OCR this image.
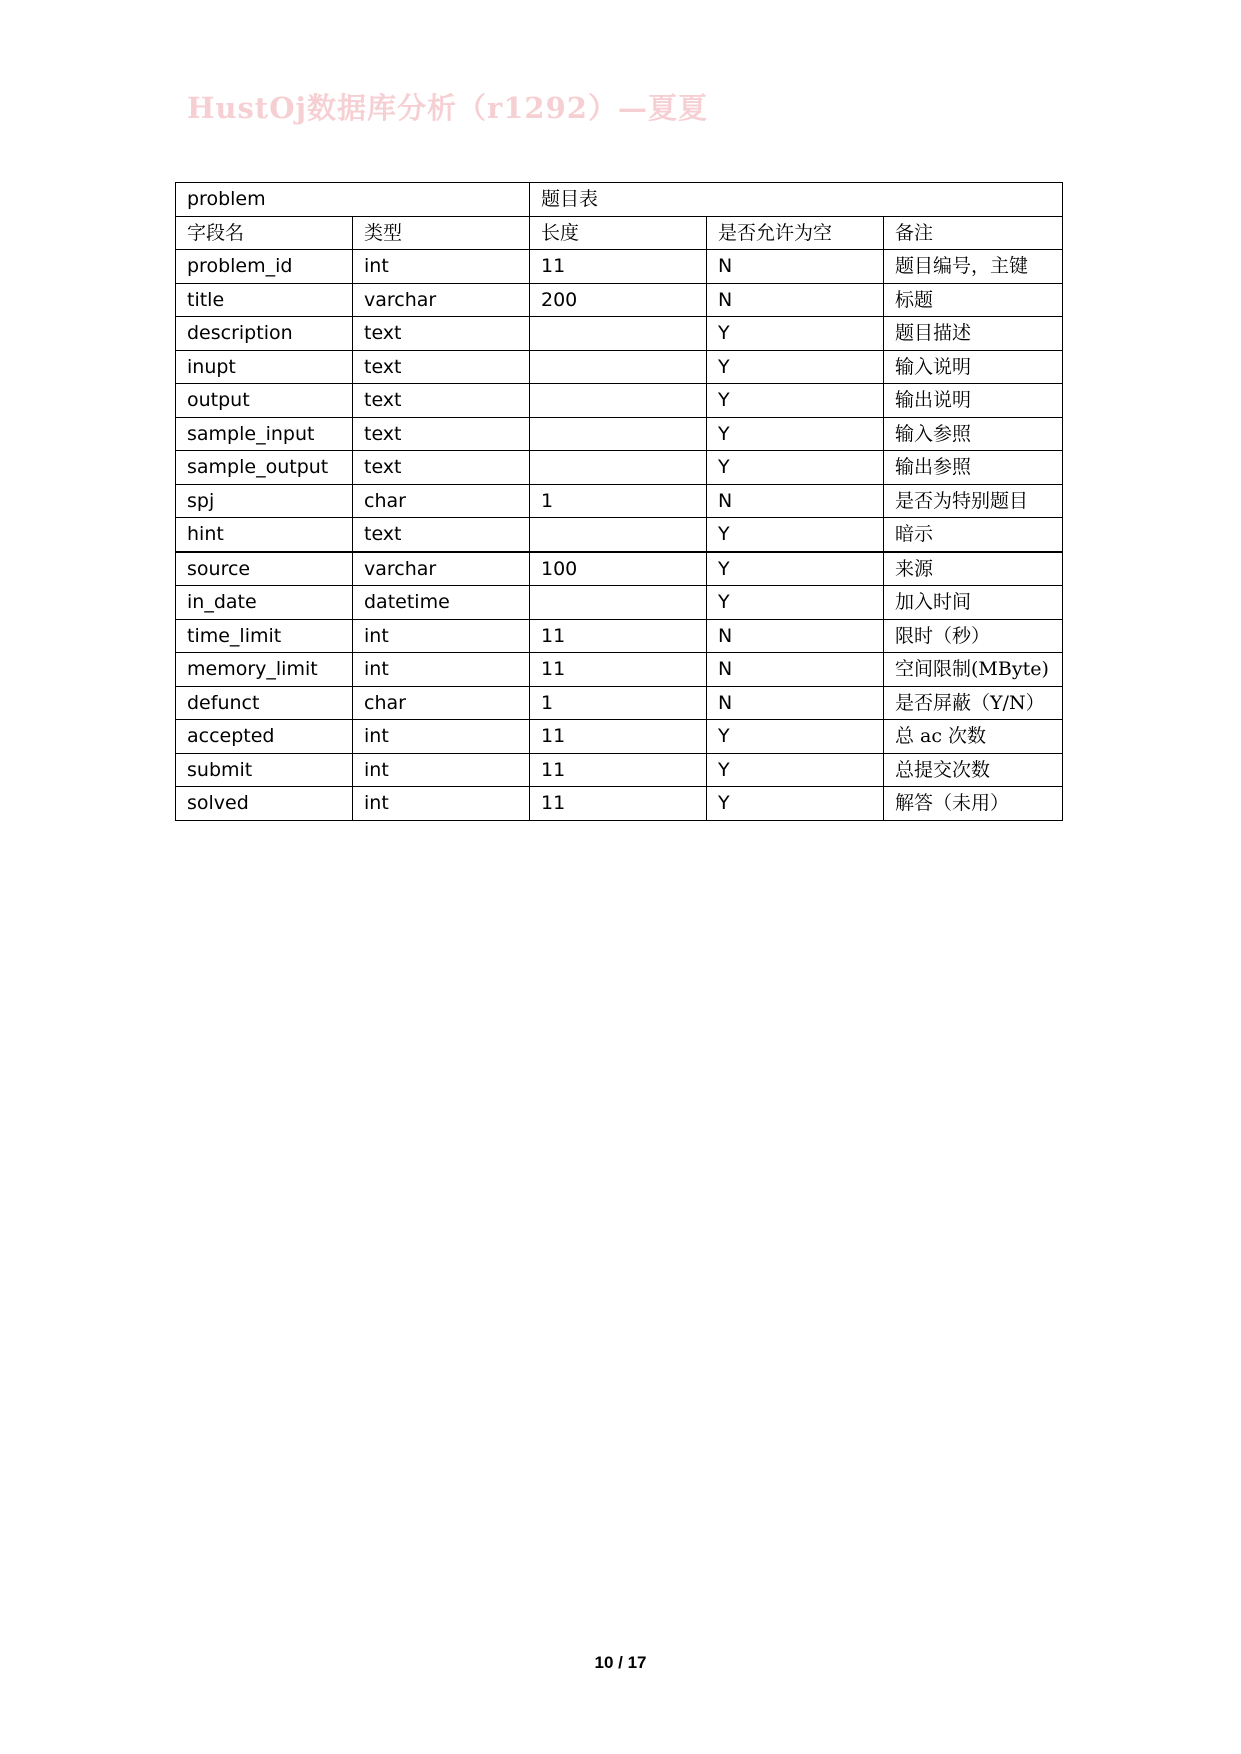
HustOj数据库分析（r1292）—夏夏
problem		题目表		
字段名	类型	长度	是否允许为空	备注
problem_id	int	11	N	题目编号，主键
title	varchar	200	N	标题
description	text		Y	题目描述
inupt	text		Y	输入说明
output	text		Y	输出说明
sample_input	text		Y	输入参照
sample_output	text		Y	输出参照
spj	char	1	N	是否为特别题目
hint	text		Y	暗示
source	varchar	100	Y	来源
in_date	datetime		Y	加入时间
time_limit	int	11	N	限时（秒）
memory_limit	int	11	N	空间限制(MByte)
defunct	char	1	N	是否屏蔽（Y/N）
accepted	int	11	Y	总 ac 次数
submit	int	11	Y	总提交次数
solved	int	11	Y	解答（未用）
10 / 17
